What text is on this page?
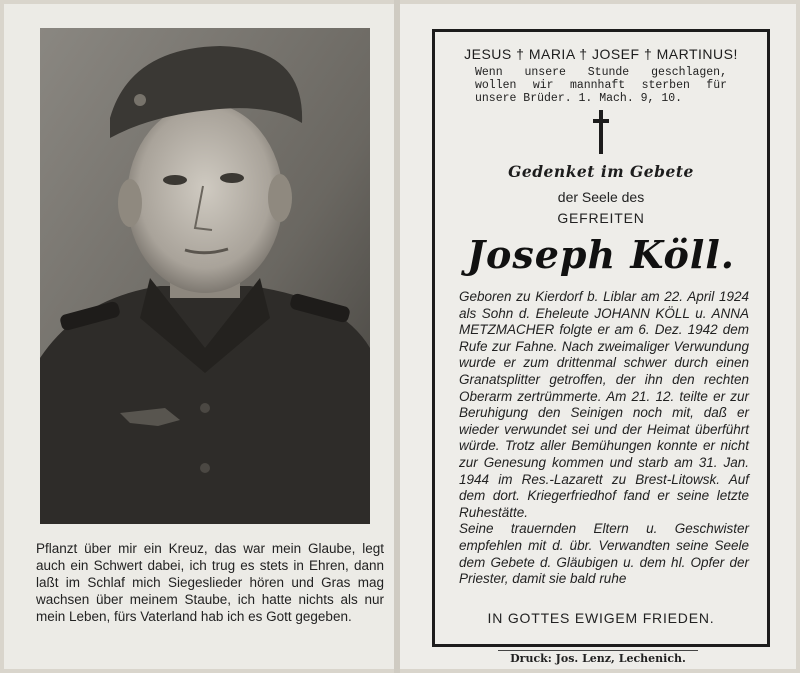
Pflanzt über mir ein Kreuz, das war mein Glaube, legt auch ein Schwert dabei, ich trug es stets in Ehren, dann laßt im Schlaf mich Siegeslieder hören und Gras mag wachsen über meinem Staube, ich hatte nichts als nur mein Leben, fürs Vaterland hab ich es Gott gegeben.
JESUS † MARIA † JOSEF † MARTINUS!
Wenn unsere Stunde geschlagen, wollen wir mannhaft sterben für unsere Brüder. 1. Mach. 9, 10.
Gedenket im Gebete
der Seele des
GEFREITEN
Joseph Köll.
Geboren zu Kierdorf b. Liblar am 22. April 1924 als Sohn d. Eheleute JOHANN KÖLL u. ANNA METZMACHER folgte er am 6. Dez. 1942 dem Rufe zur Fahne. Nach zweimaliger Verwundung wurde er zum drittenmal schwer durch einen Granatsplitter getroffen, der ihn den rechten Oberarm zertrümmerte. Am 21. 12. teilte er zur Beruhigung den Seinigen noch mit, daß er wieder verwundet sei und der Heimat überführt würde. Trotz aller Bemühungen konnte er nicht zur Genesung kommen und starb am 31. Jan. 1944 im Res.-Lazarett zu Brest-Litowsk. Auf dem dort. Kriegerfriedhof fand er seine letzte Ruhestätte.
Seine trauernden Eltern u. Geschwister empfehlen mit d. übr. Verwandten seine Seele dem Gebete d. Gläubigen u. dem hl. Opfer der Priester, damit sie bald ruhe
IN GOTTES EWIGEM FRIEDEN.
Druck: Jos. Lenz, Lechenich.
